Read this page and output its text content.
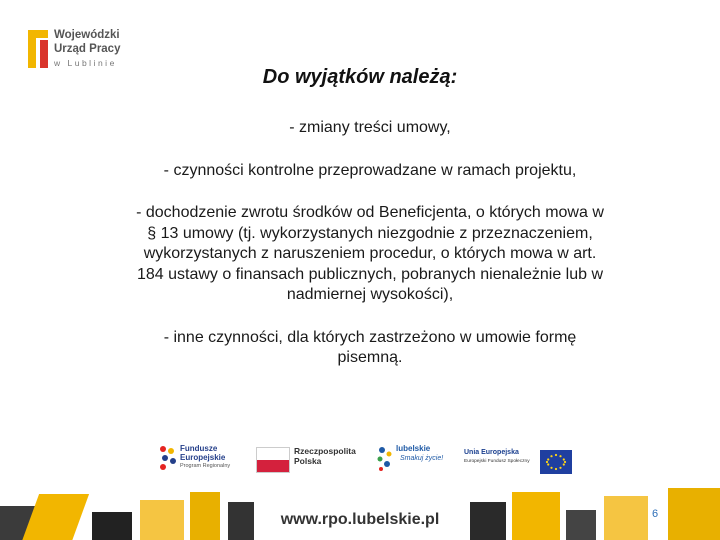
Wojewódzki
Urząd Pracy
w Lublinie
Do wyjątków należą:

- zmiany treści umowy,

- czynności kontrolne przeprowadzane w ramach projektu,

- dochodzenie zwrotu środków od Beneficjenta, o których mowa w § 13 umowy (tj. wykorzystanych niezgodnie z przeznaczeniem, wykorzystanych z naruszeniem procedur, o których mowa w art. 184 ustawy o finansach publicznych, pobranych nienależnie lub w nadmiernej wysokości),

- inne czynności, dla których zastrzeżono w umowie formę pisemną.

Fundusze
Europejskie
Program Regionalny
Rzeczpospolita
Polska
lubelskie
Smakuj życie!
Unia Europejska
Europejski Fundusz Społeczny
www.rpo.lubelskie.pl	6
